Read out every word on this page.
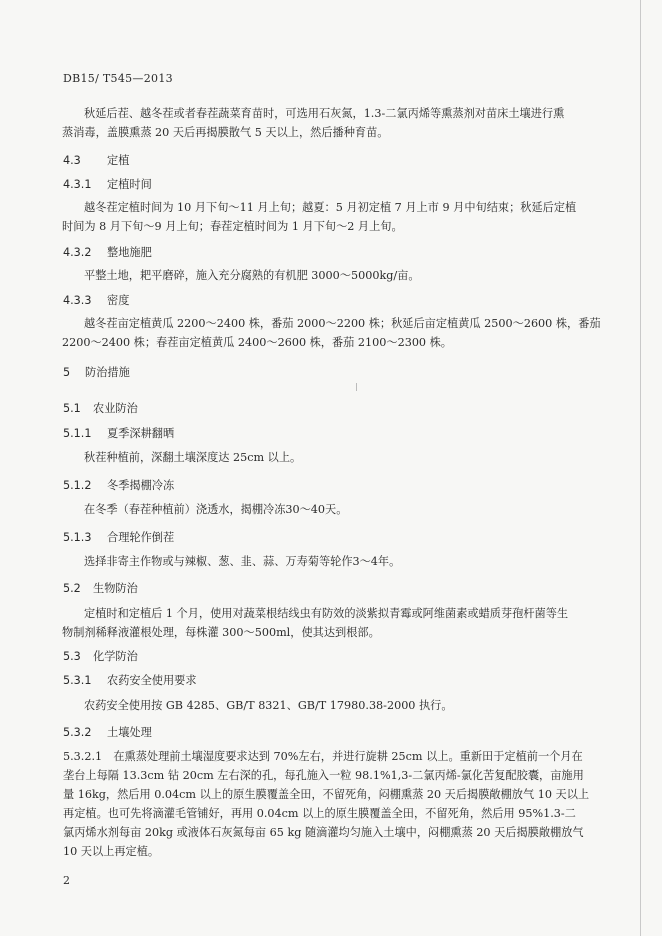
DB15/ T545—2013
秋延后茬、越冬茬或者春茬蔬菜育苗时，可选用石灰氮，1.3-二氯丙烯等熏蒸剂对苗床土壤进行熏
蒸消毒，盖膜熏蒸 20 天后再揭膜散气 5 天以上，然后播种育苗。
4.3 定植
4.3.1 定植时间
越冬茬定植时间为 10 月下旬～11 月上旬；越夏：5 月初定植 7 月上市 9 月中旬结束；秋延后定植
时间为 8 月下旬～9 月上旬；春茬定植时间为 1 月下旬～2 月上旬。
4.3.2 整地施肥
平整土地，耙平磨碎，施入充分腐熟的有机肥 3000～5000kg/亩。
4.3.3 密度
越冬茬亩定植黄瓜 2200～2400 株，番茄 2000～2200 株；秋延后亩定植黄瓜 2500～2600 株，番茄
2200～2400 株；春茬亩定植黄瓜 2400～2600 株，番茄 2100～2300 株。
5 防治措施
5.1 农业防治
5.1.1 夏季深耕翻晒
秋茬种植前，深翻土壤深度达 25cm 以上。
5.1.2 冬季揭棚冷冻
在冬季（春茬种植前）浇透水，揭棚冷冻30～40天。
5.1.3 合理轮作倒茬
选择非寄主作物或与辣椒、葱、韭、蒜、万寿菊等轮作3～4年。
5.2 生物防治
定植时和定植后 1 个月，使用对蔬菜根结线虫有防效的淡紫拟青霉或阿维菌素或蜡质芽孢杆菌等生
物制剂稀释液灌根处理，每株灌 300～500ml，使其达到根部。
5.3 化学防治
5.3.1 农药安全使用要求
农药安全使用按 GB 4285、GB/T 8321、GB/T 17980.38-2000 执行。
5.3.2 土壤处理
5.3.2.1　在熏蒸处理前土壤湿度要求达到 70%左右，并进行旋耕 25cm 以上。重新田于定植前一个月在
垄台上每隔 13.3cm 钻 20cm 左右深的孔，每孔施入一粒 98.1%1,3-二氯丙烯-氯化苦复配胶囊，亩施用
量 16kg，然后用 0.04cm 以上的原生膜覆盖全田，不留死角，闷棚熏蒸 20 天后揭膜敞棚放气 10 天以上
再定植。也可先将滴灌毛管铺好，再用 0.04cm 以上的原生膜覆盖全田，不留死角，然后用 95%1.3-二
氯丙烯水剂每亩 20kg 或液体石灰氮每亩 65 kg 随滴灌均匀施入土壤中，闷棚熏蒸 20 天后揭膜敞棚放气
10 天以上再定植。
2
